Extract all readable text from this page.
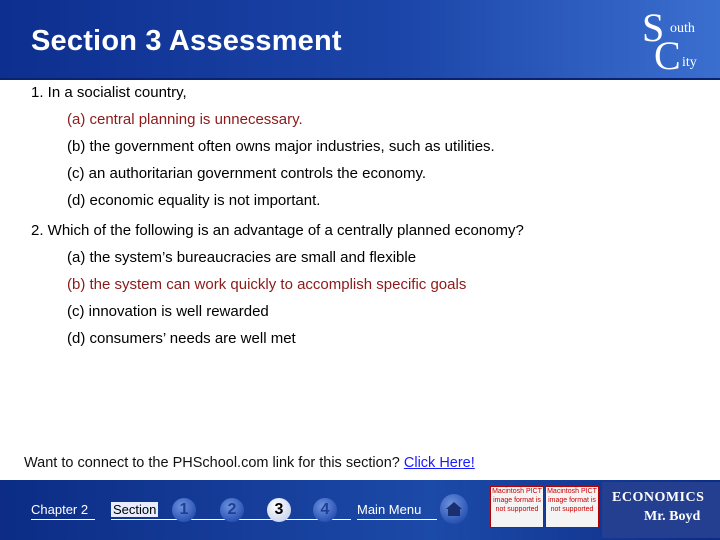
Section 3 Assessment	S outh
C ity
1. In a socialist country,
(a) central planning is unnecessary.
(b) the government often owns major industries, such as utilities.
(c) an authoritarian government controls the economy.
(d) economic equality is not important.
2. Which of the following is an advantage of a centrally planned economy?
(a) the system’s bureaucracies are small and flexible
(b) the system can work quickly to accomplish specific goals
(c) innovation is well rewarded
(d) consumers’ needs are well met
Want to connect to the PHSchool.com link for this section? Click Here!
Chapter 2 Section	1	2	3	4	Main Menu
Macintosh PICT image format is not supported
Macintosh PICT image format is not supported
ECONOMICS
Mr. Boyd
